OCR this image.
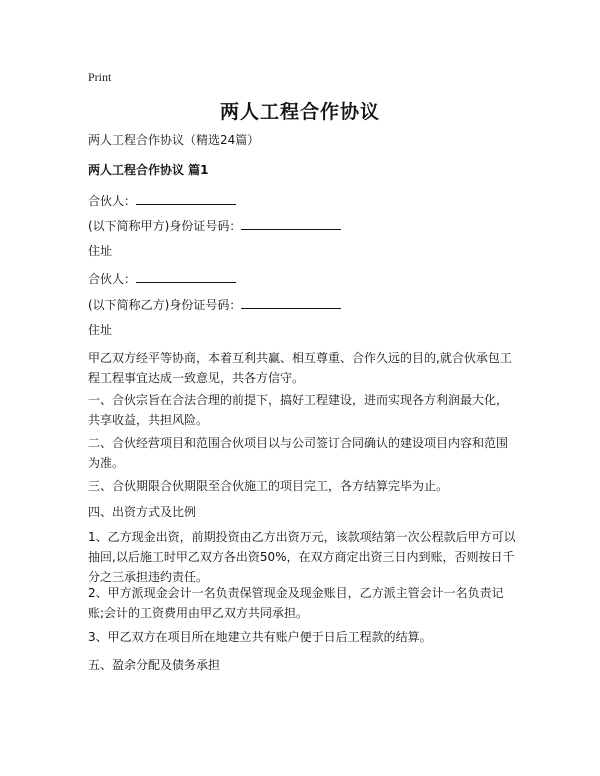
Print
两人工程合作协议
两人工程合作协议（精选24篇）
两人工程合作协议 篇1
合伙人：
(以下简称甲方)身份证号码：
住址
合伙人：
(以下简称乙方)身份证号码：
住址
甲乙双方经平等协商，本着互利共赢、相互尊重、合作久远的目的,就合伙承包工程工程事宜达成一致意见，共各方信守。
一、合伙宗旨在合法合理的前提下，搞好工程建设，进而实现各方利润最大化，共享收益，共担风险。
二、合伙经营项目和范围合伙项目以与公司签订合同确认的建设项目内容和范围为准。
三、合伙期限合伙期限至合伙施工的项目完工，各方结算完毕为止。
四、出资方式及比例
1、乙方现金出资，前期投资由乙方出资万元，该款项结第一次公程款后甲方可以抽回,以后施工时甲乙双方各出资50%，在双方商定出资三日内到账，否则按日千分之三承担违约责任。
2、甲方派现金会计一名负责保管现金及现金账目，乙方派主管会计一名负责记账;会计的工资费用由甲乙双方共同承担。
3、甲乙双方在项目所在地建立共有账户便于日后工程款的结算。
五、盈余分配及债务承担
